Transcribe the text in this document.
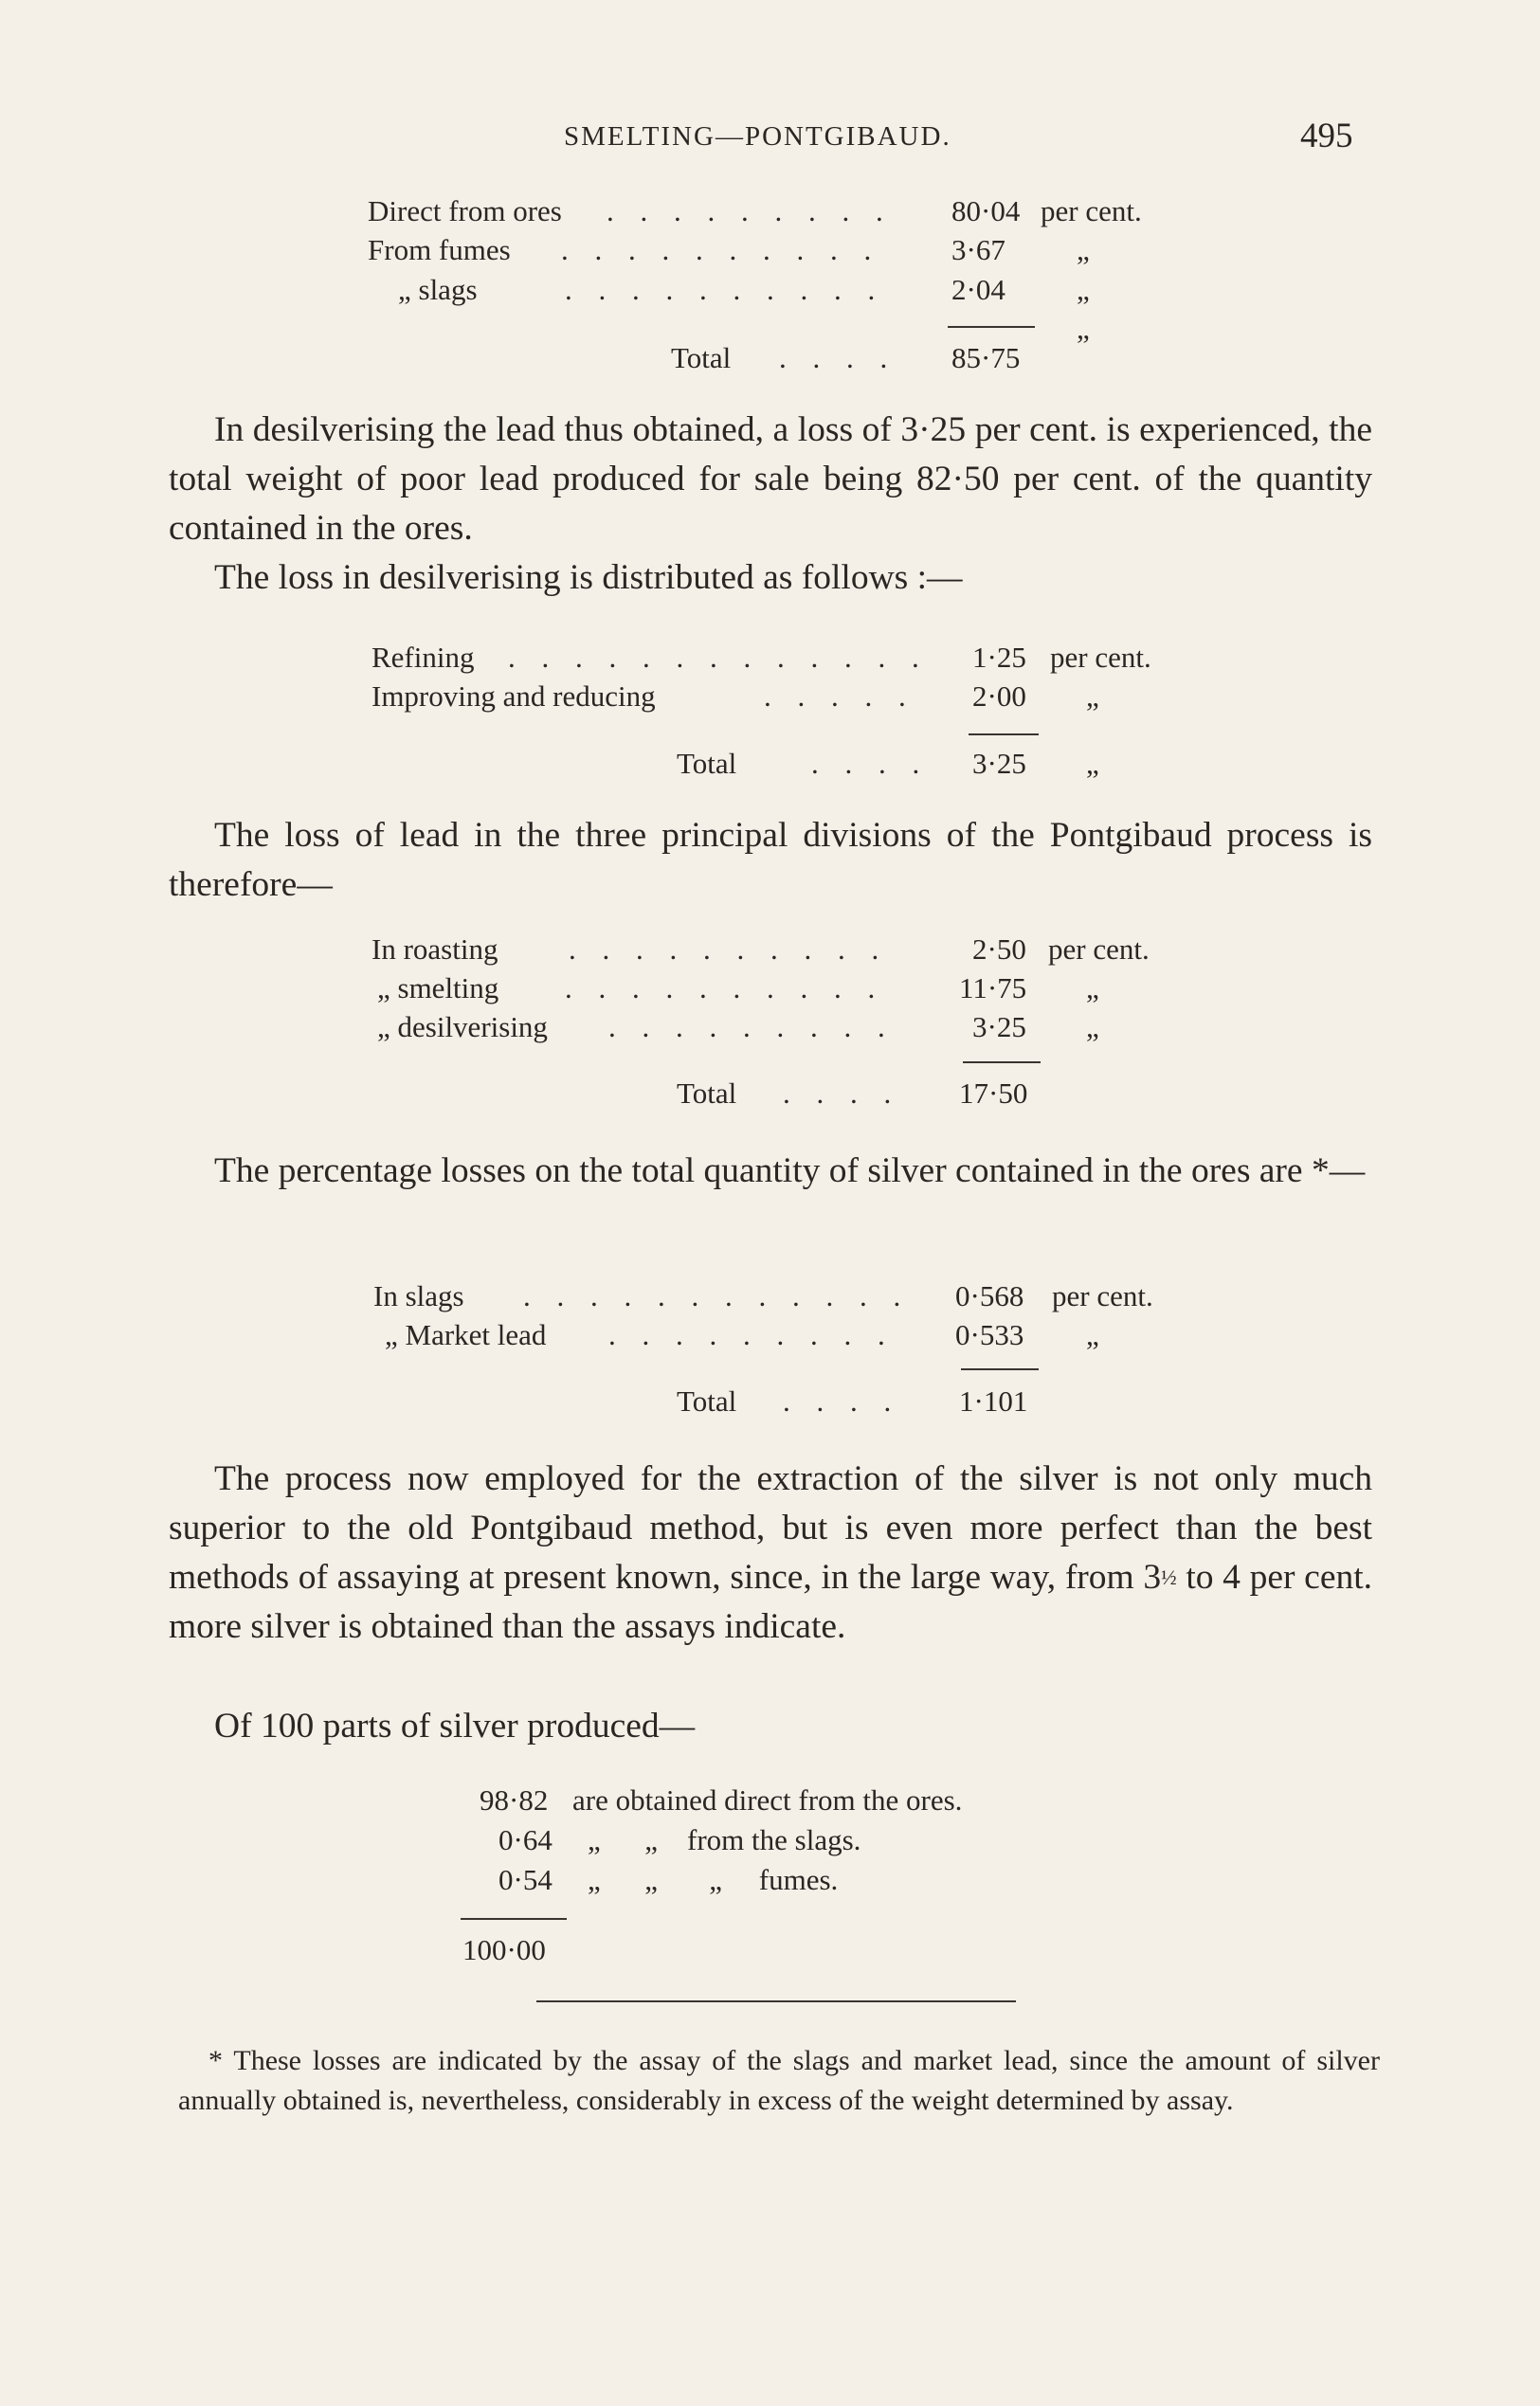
SMELTING—PONTGIBAUD.	495
Direct from ores . . . . . . . . . 80·04 per cent.
From fumes . . . . . . . . . . 3·67 „
„ slags	. . . . . . . . . . 2·04 „
Total . . . . 85·75 ”
In desilverising the lead thus obtained, a loss of 3·25 per cent. is experienced, the total weight of poor lead produced for sale being 82·50 per cent. of the quantity contained in the ores.
The loss in desilverising is distributed as follows :—
Refining . . . . . . . . . . . . . 1·25 per cent.
Improving and reducing	. . . . . 2·00 „
Total	. . . . 3·25 „
The loss of lead in the three principal divisions of the Pontgibaud process is therefore—
In roasting . . . . . . . . . .	2·50 per cent.
„ smelting . . . . . . . . . .	11·75 „
„ desilverising . . . . . . . . .	3·25 „
Total . . . . 17·50
The percentage losses on the total quantity of silver contained in the ores are *—
In slags . . . . . . . . . . . . 0·568 per cent.
„ Market lead . . . . . . . . . 0·533 „
Total . . . . 1·101
The process now employed for the extraction of the silver is not only much superior to the old Pontgibaud method, but is even more perfect than the best methods of assaying at present known, since, in the large way, from 3½ to 4 per cent. more silver is obtained than the assays indicate.
Of 100 parts of silver produced—
98·82 are obtained direct from the ores.
0·64 „      „    from the slags.
0·54 „      „       „     fumes.
100·00
* These losses are indicated by the assay of the slags and market lead, since the amount of silver annually obtained is, nevertheless, considerably in excess of the weight determined by assay.
